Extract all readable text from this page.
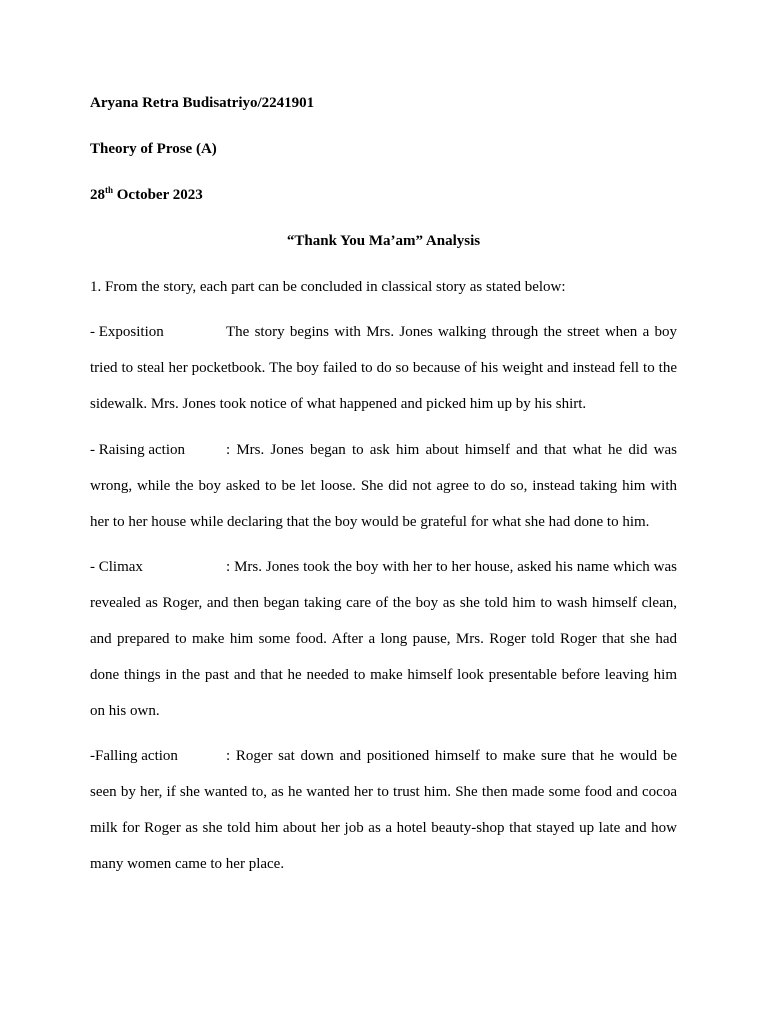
Aryana Retra Budisatriyo/2241901
Theory of Prose (A)
28th October 2023
“Thank You Ma’am” Analysis
1. From the story, each part can be concluded in classical story as stated below:
- Exposition	The story begins with Mrs. Jones walking through the street when a boy tried to steal her pocketbook. The boy failed to do so because of his weight and instead fell to the sidewalk. Mrs. Jones took notice of what happened and picked him up by his shirt.
- Raising action	: Mrs. Jones began to ask him about himself and that what he did was wrong, while the boy asked to be let loose. She did not agree to do so, instead taking him with her to her house while declaring that the boy would be grateful for what she had done to him.
- Climax	: Mrs. Jones took the boy with her to her house, asked his name which was revealed as Roger, and then began taking care of the boy as she told him to wash himself clean, and prepared to make him some food. After a long pause, Mrs. Roger told Roger that she had done things in the past and that he needed to make himself look presentable before leaving him on his own.
-Falling action	: Roger sat down and positioned himself to make sure that he would be seen by her, if she wanted to, as he wanted her to trust him. She then made some food and cocoa milk for Roger as she told him about her job as a hotel beauty-shop that stayed up late and how many women came to her place.
